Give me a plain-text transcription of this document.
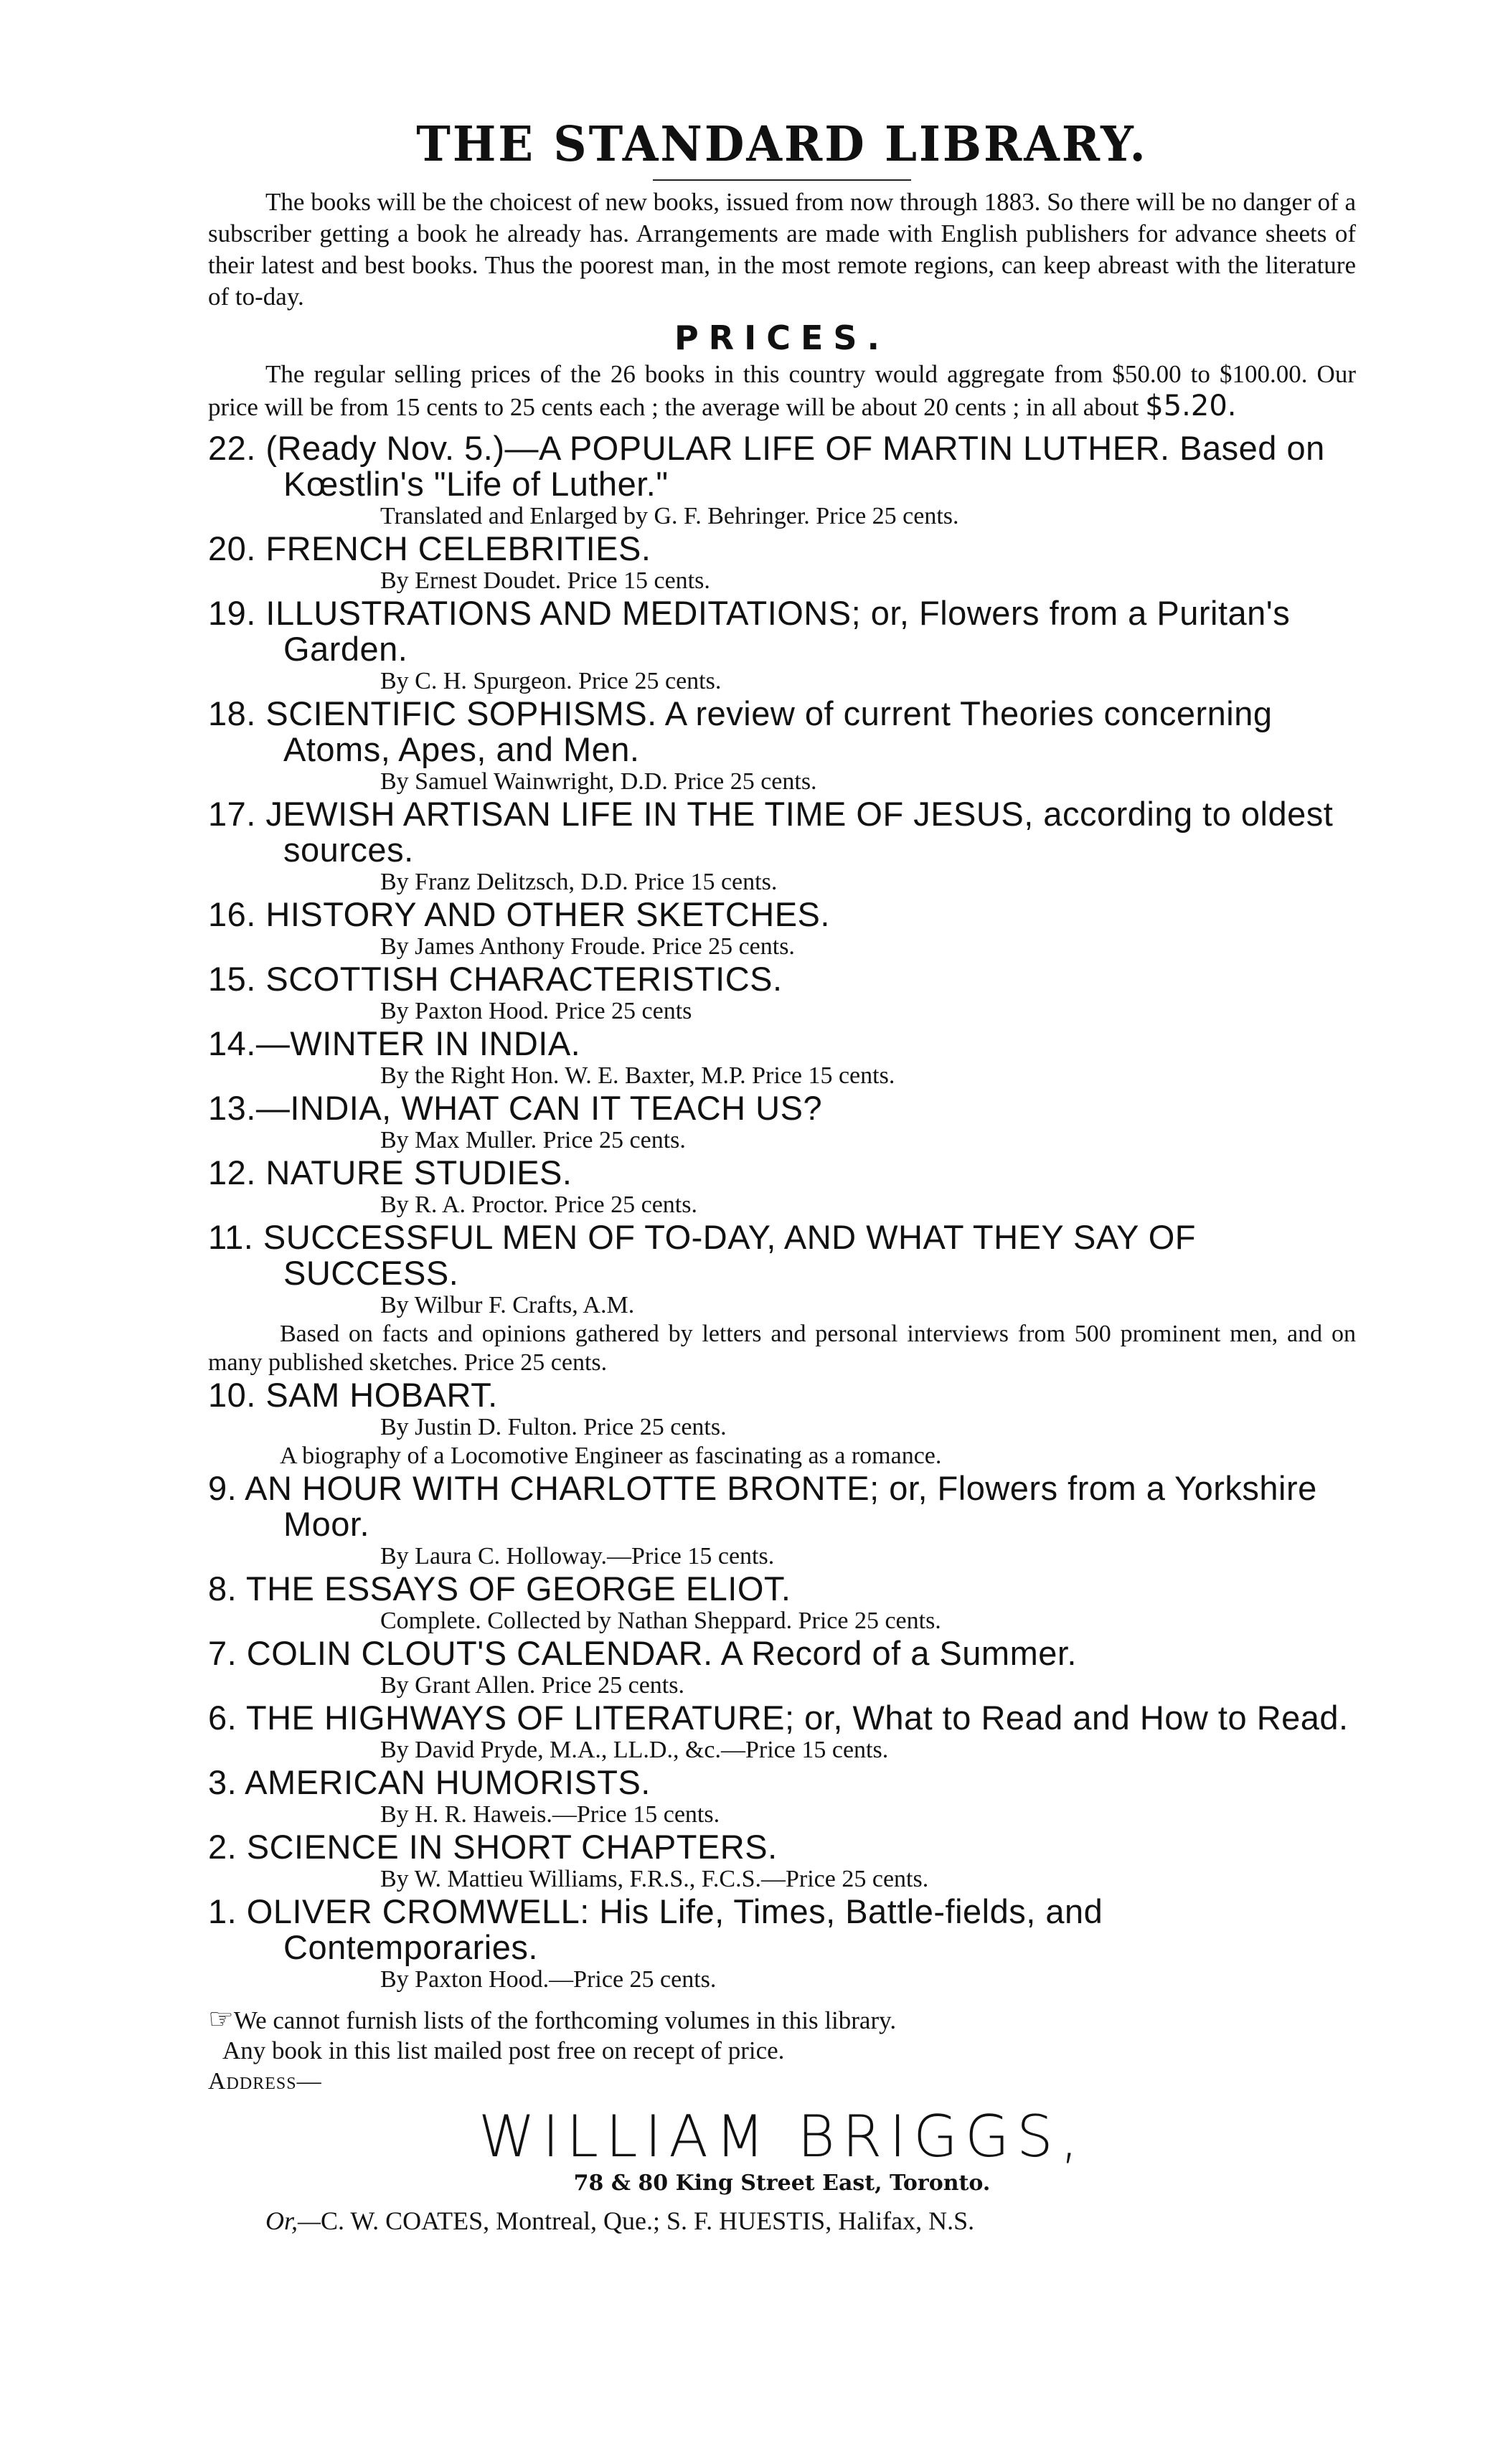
THE STANDARD LIBRARY.

The books will be the choicest of new books, issued from now through 1883. So there will be no danger of a subscriber getting a book he already has. Arrangements are made with English publishers for advance sheets of their latest and best books. Thus the poorest man, in the most remote regions, can keep abreast with the literature of to-day.

PRICES.

The regular selling prices of the 26 books in this country would aggregate from $50.00 to $100.00. Our price will be from 15 cents to 25 cents each ; the average will be about 20 cents ; in all about $5.20.

22. (Ready Nov. 5.)—A POPULAR LIFE OF MARTIN LUTHER. Based on Kœstlin's "Life of Luther."
Translated and Enlarged by G. F. Behringer. Price 25 cents.
20. FRENCH CELEBRITIES.
By Ernest Doudet. Price 15 cents.
19. ILLUSTRATIONS AND MEDITATIONS; or, Flowers from a Puritan's Garden.
By C. H. Spurgeon. Price 25 cents.
18. SCIENTIFIC SOPHISMS. A review of current Theories concerning Atoms, Apes, and Men.
By Samuel Wainwright, D.D. Price 25 cents.
17. JEWISH ARTISAN LIFE IN THE TIME OF JESUS, according to oldest sources.
By Franz Delitzsch, D.D. Price 15 cents.
16. HISTORY AND OTHER SKETCHES.
By James Anthony Froude. Price 25 cents.
15. SCOTTISH CHARACTERISTICS.
By Paxton Hood. Price 25 cents
14.—WINTER IN INDIA.
By the Right Hon. W. E. Baxter, M.P. Price 15 cents.
13.—INDIA, WHAT CAN IT TEACH US?
By Max Muller. Price 25 cents.
12. NATURE STUDIES.
By R. A. Proctor. Price 25 cents.
11. SUCCESSFUL MEN OF TO-DAY, AND WHAT THEY SAY OF SUCCESS.
By Wilbur F. Crafts, A.M.
Based on facts and opinions gathered by letters and personal interviews from 500 prominent men, and on many published sketches. Price 25 cents.
10. SAM HOBART.
By Justin D. Fulton. Price 25 cents.
A biography of a Locomotive Engineer as fascinating as a romance.
9. AN HOUR WITH CHARLOTTE BRONTE; or, Flowers from a Yorkshire Moor.
By Laura C. Holloway.—Price 15 cents.
8. THE ESSAYS OF GEORGE ELIOT.
Complete. Collected by Nathan Sheppard. Price 25 cents.
7. COLIN CLOUT'S CALENDAR. A Record of a Summer.
By Grant Allen. Price 25 cents.
6. THE HIGHWAYS OF LITERATURE; or, What to Read and How to Read.
By David Pryde, M.A., LL.D., &c.—Price 15 cents.
3. AMERICAN HUMORISTS.
By H. R. Haweis.—Price 15 cents.
2. SCIENCE IN SHORT CHAPTERS.
By W. Mattieu Williams, F.R.S., F.C.S.—Price 25 cents.
1. OLIVER CROMWELL: His Life, Times, Battle-fields, and Contemporaries.
By Paxton Hood.—Price 25 cents.

☞We cannot furnish lists of the forthcoming volumes in this library.

Any book in this list mailed post free on recept of price.

Address—
WILLIAM BRIGGS,
78 & 80 King Street East, Toronto.
Or,—C. W. COATES, Montreal, Que.; S. F. HUESTIS, Halifax, N.S.
